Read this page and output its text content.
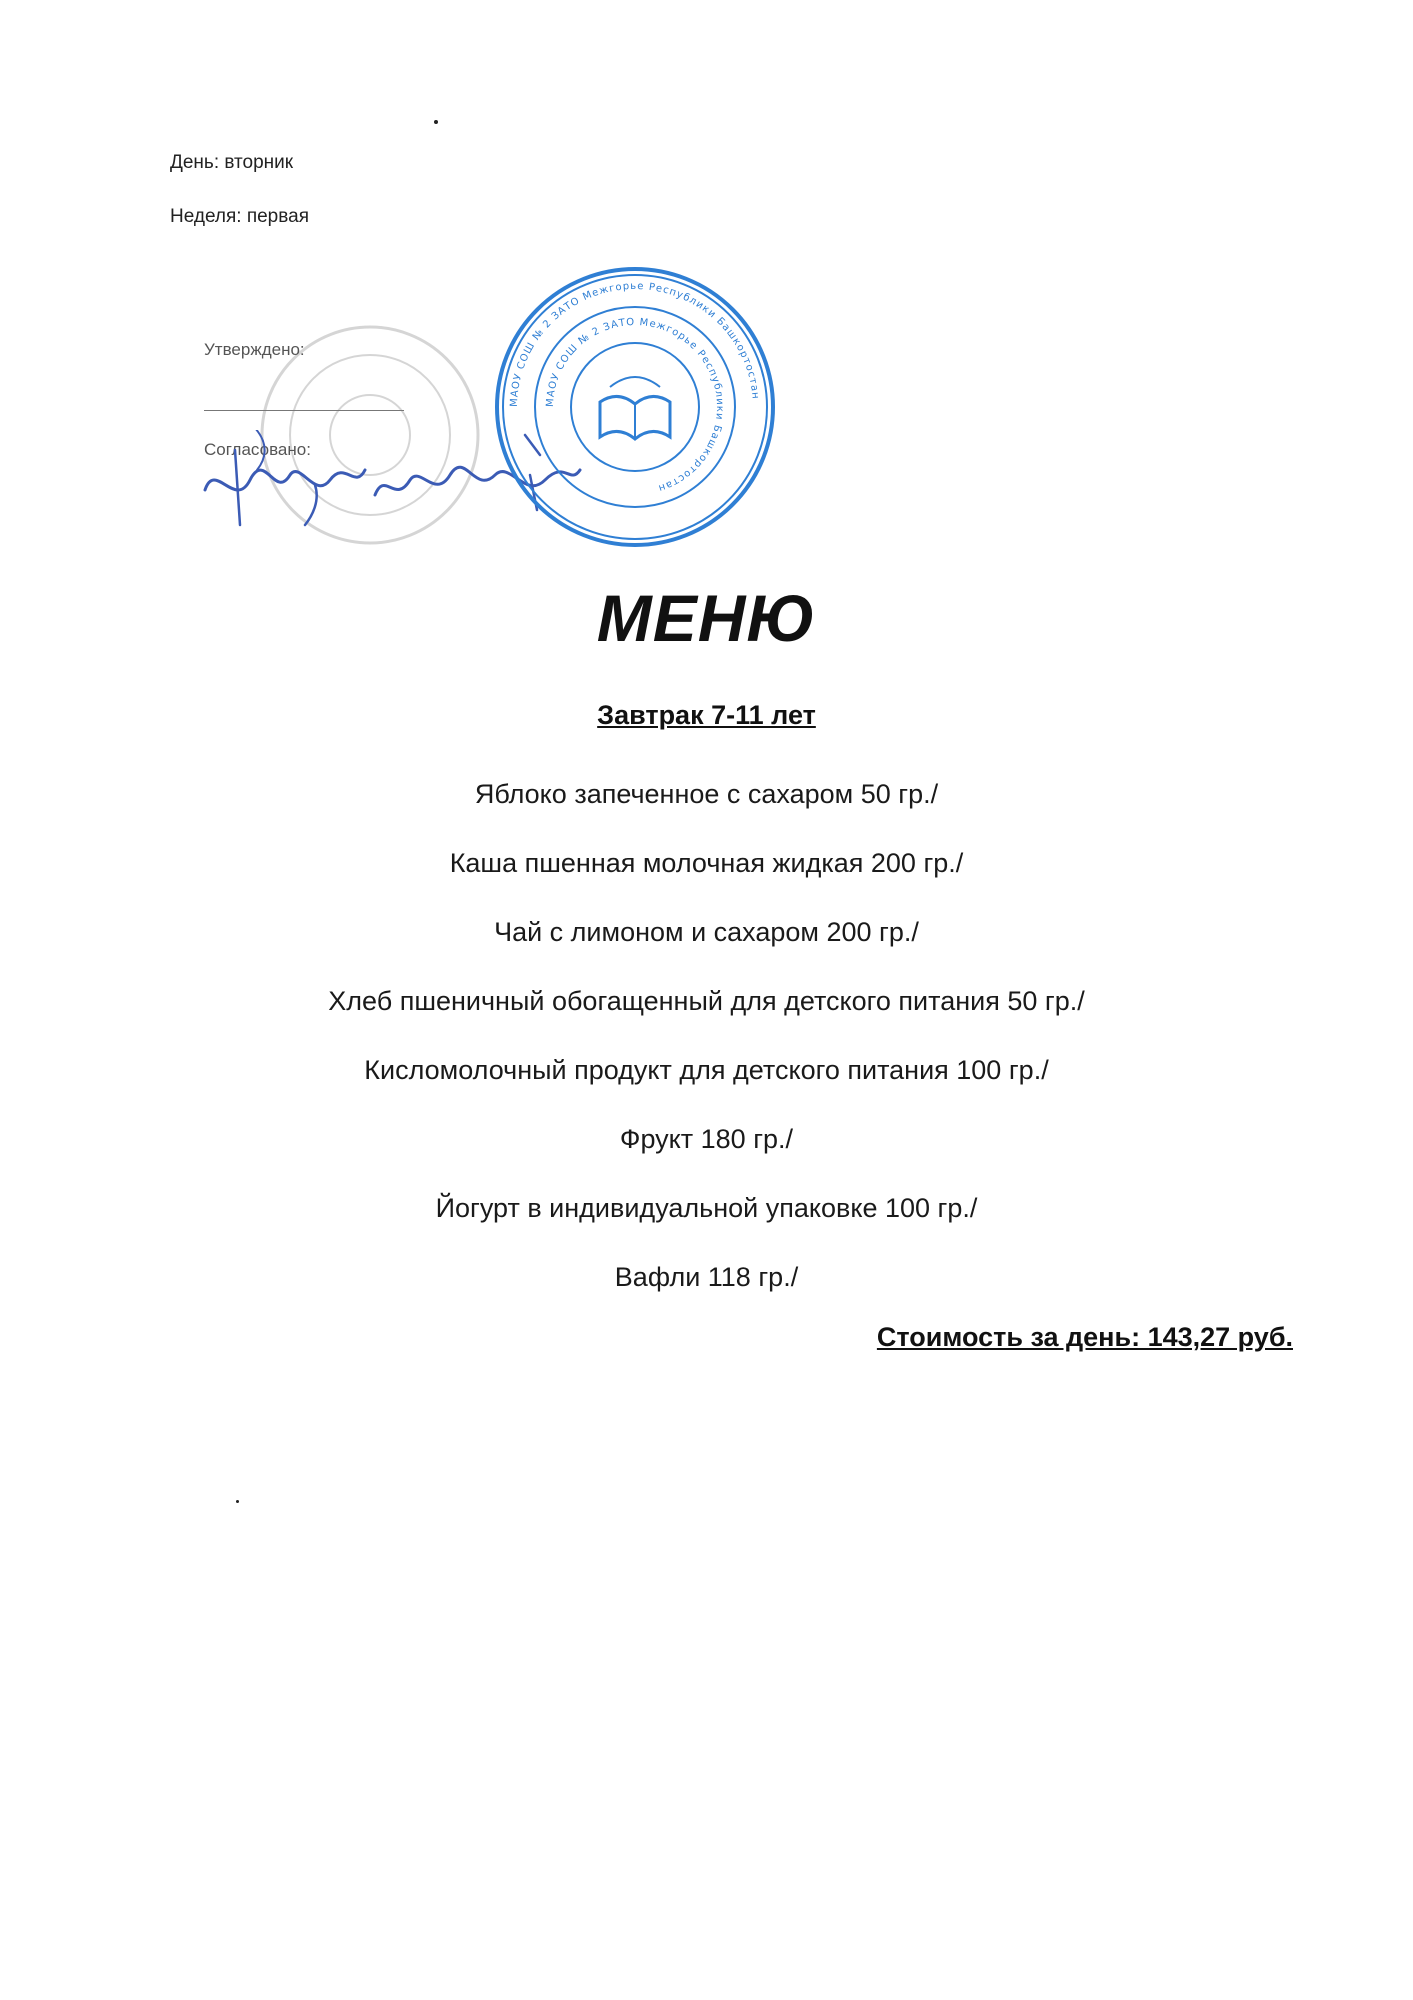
День: вторник
Неделя: первая
Утверждено:
Согласовано:
МАОУ СОШ № 2 ЗАТО Межгорье Республики Башкортостан
МАОУ СОШ № 2 ЗАТО Межгорье Республики Башкортостан
МЕНЮ
Завтрак 7-11 лет
Яблоко запеченное с сахаром 50 гр./
Каша пшенная молочная жидкая 200 гр./
Чай с лимоном и сахаром 200 гр./
Хлеб пшеничный обогащенный для детского питания 50 гр./
Кисломолочный продукт для детского питания 100 гр./
Фрукт 180 гр./
Йогурт в индивидуальной упаковке 100 гр./
Вафли 118 гр./
Стоимость за день: 143,27 руб.
